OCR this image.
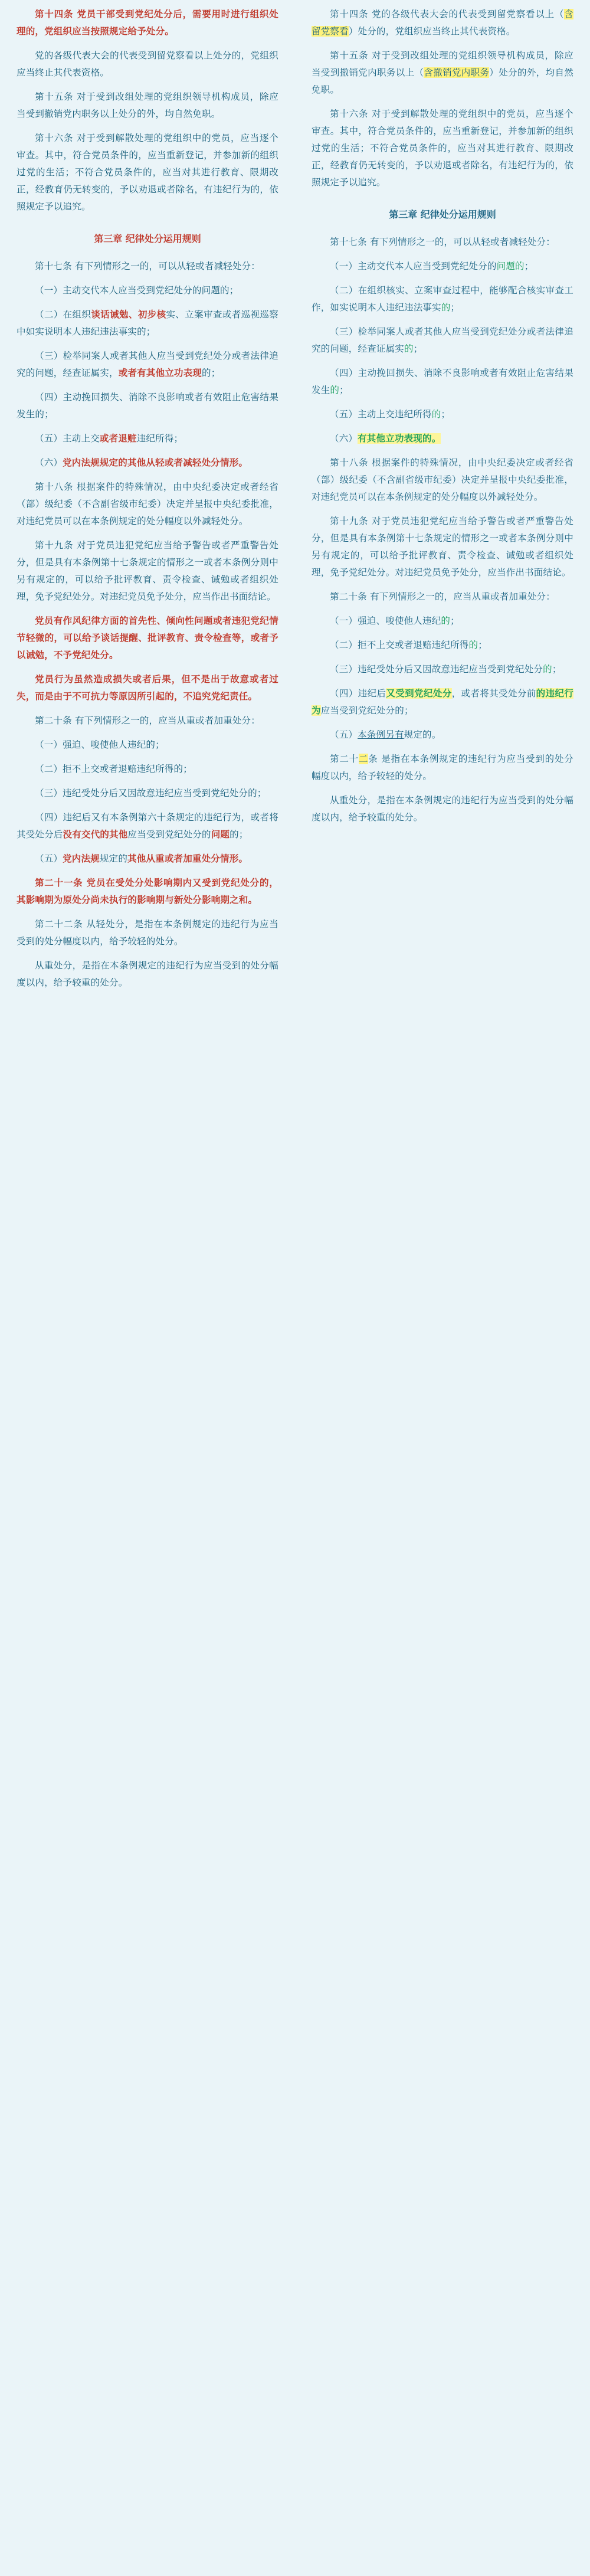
第十四条 党员干部受到党纪处分后，需要用时进行组织处理的，党组织应当按照规定给予处分。

党的各级代表大会的代表受到留党察看以上处分的，党组织应当终止其代表资格。

第十五条 对于受到改组处理的党组织领导机构成员，除应当受到撤销党内职务以上处分的外，均自然免职。

第十六条 对于受到解散处理的党组织中的党员，应当逐个审查。其中，符合党员条件的，应当重新登记，并参加新的组织过党的生活；不符合党员条件的，应当对其进行教育、限期改正，经教育仍无转变的，予以劝退或者除名，有违纪行为的，依照规定予以追究。

第三章 纪律处分运用规则

第十七条 有下列情形之一的，可以从轻或者减轻处分：

（一）主动交代本人应当受到党纪处分的问题的；

（二）在组织谈话诫勉、初步核实、立案审查或者巡视巡察中如实说明本人违纪违法事实的；

（三）检举同案人或者其他人应当受到党纪处分或者法律追究的问题，经查证属实，或者有其他立功表现的；

（四）主动挽回损失、消除不良影响或者有效阻止危害结果发生的；

（五）主动上交或者退赃违纪所得；

（六）党内法规规定的其他从轻或者减轻处分情形。

第十八条 根据案件的特殊情况，由中央纪委决定或者经省（部）级纪委（不含副省级市纪委）决定并呈报中央纪委批准，对违纪党员可以在本条例规定的处分幅度以外减轻处分。

第十九条 对于党员违犯党纪应当给予警告或者严重警告处分，但是具有本条例第十七条规定的情形之一或者本条例分则中另有规定的，可以给予批评教育、责令检查、诫勉或者组织处理，免予党纪处分。对违纪党员免予处分，应当作出书面结论。

党员有作风纪律方面的首先性、倾向性问题或者违犯党纪情节轻微的，可以给予谈话提醒、批评教育、责令检查等，或者予以诫勉，不予党纪处分。

党员行为虽然造成损失或者后果，但不是出于故意或者过失，而是由于不可抗力等原因所引起的，不追究党纪责任。

第二十条 有下列情形之一的，应当从重或者加重处分：

（一）强迫、唆使他人违纪的；

（二）拒不上交或者退赔违纪所得的；

（三）违纪受处分后又因故意违纪应当受到党纪处分的；

（四）违纪后又有本条例第六十条规定的违纪行为，或者将其受处分后没有交代的其他应当受到党纪处分的问题的；

（五）党内法规规定的其他从重或者加重处分情形。

第二十一条 党员在受处分处影响期内又受到党纪处分的，其影响期为原处分尚未执行的影响期与新处分影响期之和。

第二十二条 从轻处分，是指在本条例规定的违纪行为应当受到的处分幅度以内，给予较轻的处分。

从重处分，是指在本条例规定的违纪行为应当受到的处分幅度以内，给予较重的处分。

第十四条 党的各级代表大会的代表受到留党察看以上（含留党察看）处分的，党组织应当终止其代表资格。

第十五条 对于受到改组处理的党组织领导机构成员，除应当受到撤销党内职务以上（含撤销党内职务）处分的外，均自然免职。

第十六条 对于受到解散处理的党组织中的党员，应当逐个审查。其中，符合党员条件的，应当重新登记，并参加新的组织过党的生活；不符合党员条件的，应当对其进行教育、限期改正，经教育仍无转变的，予以劝退或者除名，有违纪行为的，依照规定予以追究。

第三章 纪律处分运用规则

第十七条 有下列情形之一的，可以从轻或者减轻处分：

（一）主动交代本人应当受到党纪处分的问题的；

（二）在组织核实、立案审查过程中，能够配合核实审查工作，如实说明本人违纪违法事实的；

（三）检举同案人或者其他人应当受到党纪处分或者法律追究的问题，经查证属实的；

（四）主动挽回损失、消除不良影响或者有效阻止危害结果发生的；

（五）主动上交违纪所得的；

（六）有其他立功表现的。

第十八条 根据案件的特殊情况，由中央纪委决定或者经省（部）级纪委（不含副省级市纪委）决定并呈报中央纪委批准，对违纪党员可以在本条例规定的处分幅度以外减轻处分。

第十九条 对于党员违犯党纪应当给予警告或者严重警告处分，但是具有本条例第十七条规定的情形之一或者本条例分则中另有规定的，可以给予批评教育、责令检查、诫勉或者组织处理，免予党纪处分。对违纪党员免予处分，应当作出书面结论。

第二十条 有下列情形之一的，应当从重或者加重处分：

（一）强迫、唆使他人违纪的；

（二）拒不上交或者退赔违纪所得的；

（三）违纪受处分后又因故意违纪应当受到党纪处分的；

（四）违纪后又受到党纪处分，或者将其受处分前的违纪行为应当受到党纪处分的；

（五）本条例另有规定的。

第二十二条 是指在本条例规定的违纪行为应当受到的处分幅度以内，给予较轻的处分。

从重处分，是指在本条例规定的违纪行为应当受到的处分幅度以内，给予较重的处分。
